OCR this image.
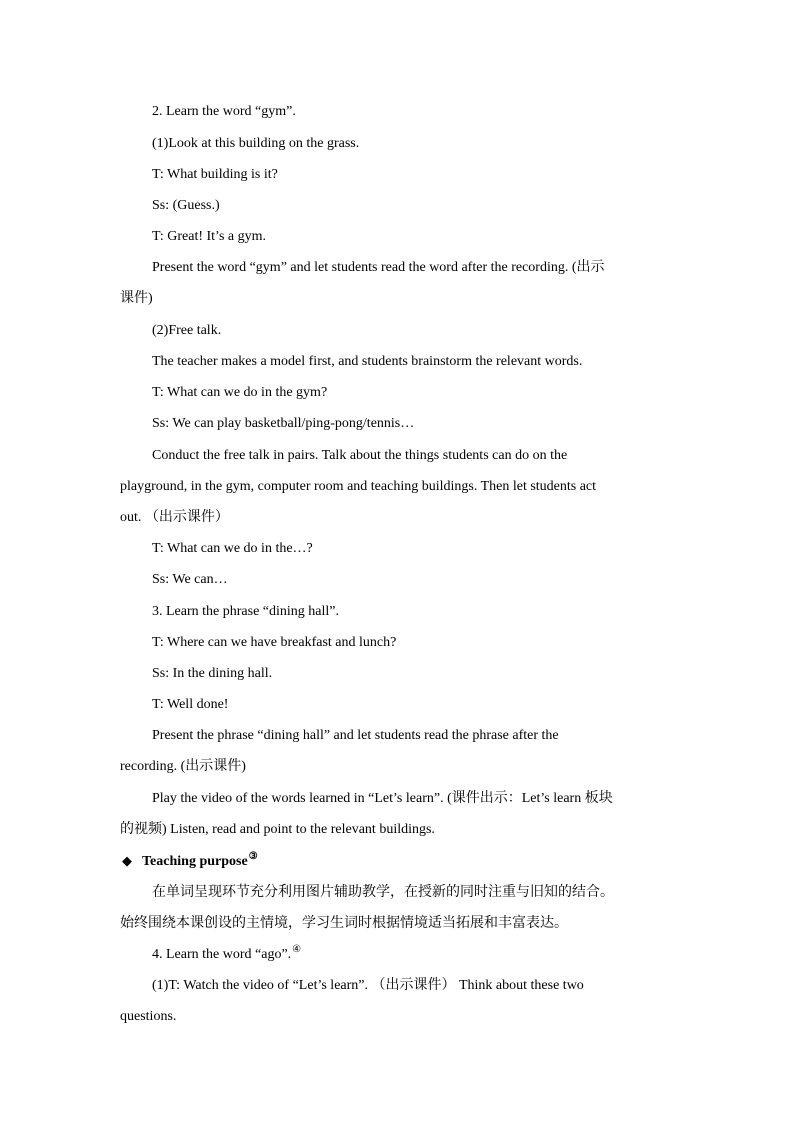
2. Learn the word “gym”.
(1)Look at this building on the grass.
T: What building is it?
Ss: (Guess.)
T: Great! It’s a gym.
Present the word “gym” and let students read the word after the recording. (出示
课件)
(2)Free talk.
The teacher makes a model first, and students brainstorm the relevant words.
T: What can we do in the gym?
Ss: We can play basketball/ping-pong/tennis…
Conduct the free talk in pairs. Talk about the things students can do on the
playground, in the gym, computer room and teaching buildings. Then let students act
out. （出示课件）
T: What can we do in the…?
Ss: We can…
3. Learn the phrase “dining hall”.
T: Where can we have breakfast and lunch?
Ss: In the dining hall.
T: Well done!
Present the phrase “dining hall” and let students read the phrase after the
recording. (出示课件)
Play the video of the words learned in “Let’s learn”. (课件出示：Let’s learn 板块
的视频) Listen, read and point to the relevant buildings.
◆ Teaching purpose③
在单词呈现环节充分利用图片辅助教学，在授新的同时注重与旧知的结合。
始终围绕本课创设的主情境，学习生词时根据情境适当拓展和丰富表达。
4. Learn the word “ago”.④
(1)T: Watch the video of “Let’s learn”. （出示课件） Think about these two
questions.
